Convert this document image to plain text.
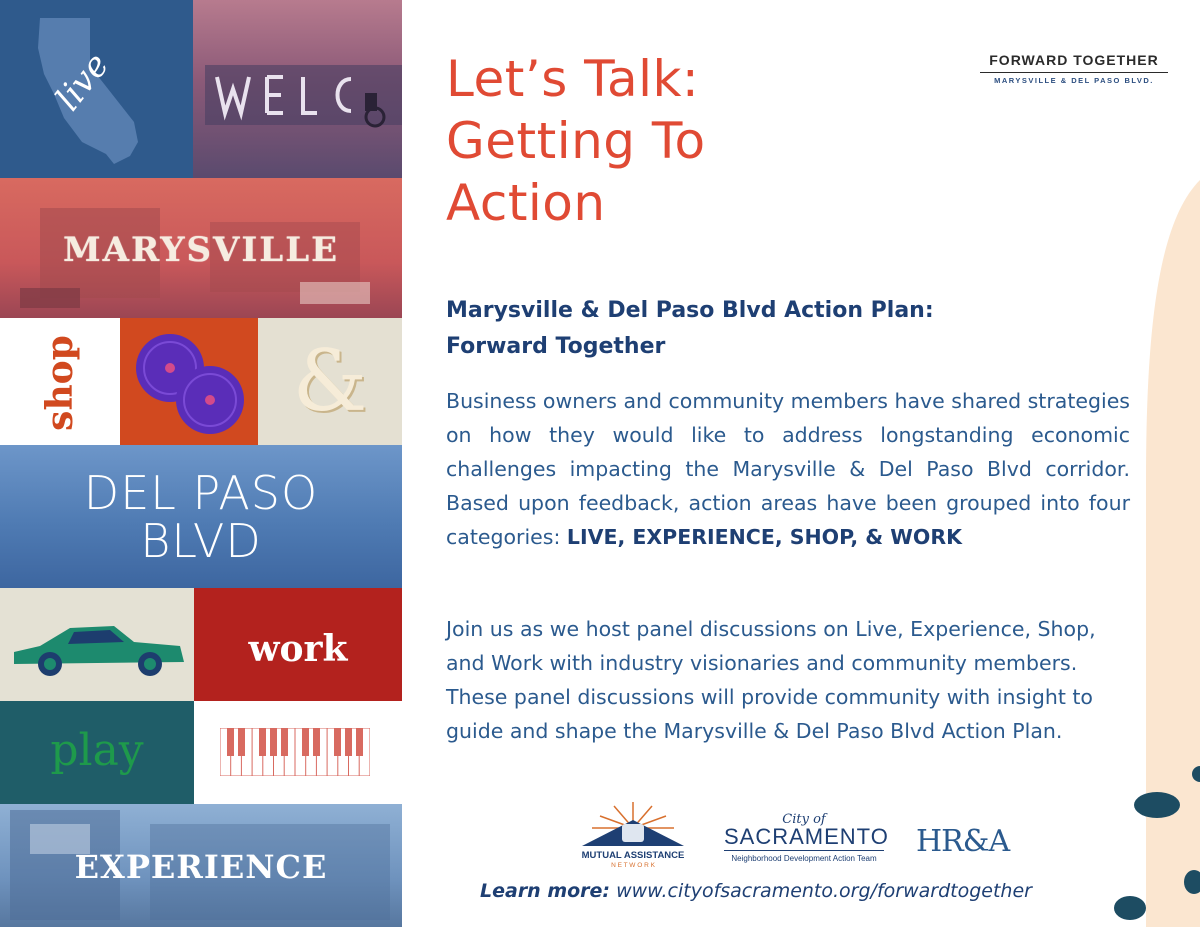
live
MARYSVILLE
shop	&
DEL PASO
BLVD
work
play
EXPERIENCE
FORWARD TOGETHER
MARYSVILLE & DEL PASO BLVD.
Let’s Talk:
Getting To
Action
Marysville & Del Paso Blvd Action Plan:
Forward Together
Business owners and community members have shared strategies on how they would like to address longstanding economic challenges impacting the Marysville & Del Paso Blvd corridor. Based upon feedback, action areas have been grouped into four categories: LIVE, EXPERIENCE, SHOP, & WORK
Join us as we host panel discussions on Live, Experience, Shop, and Work with industry visionaries and community members. These panel discussions will provide community with insight to guide and shape the Marysville & Del Paso Blvd Action Plan.
MUTUAL ASSISTANCE
N E T W O R K
City of
SACRAMENTO
Neighborhood Development Action Team HR&A
Learn more: www.cityofsacramento.org/forwardtogether
